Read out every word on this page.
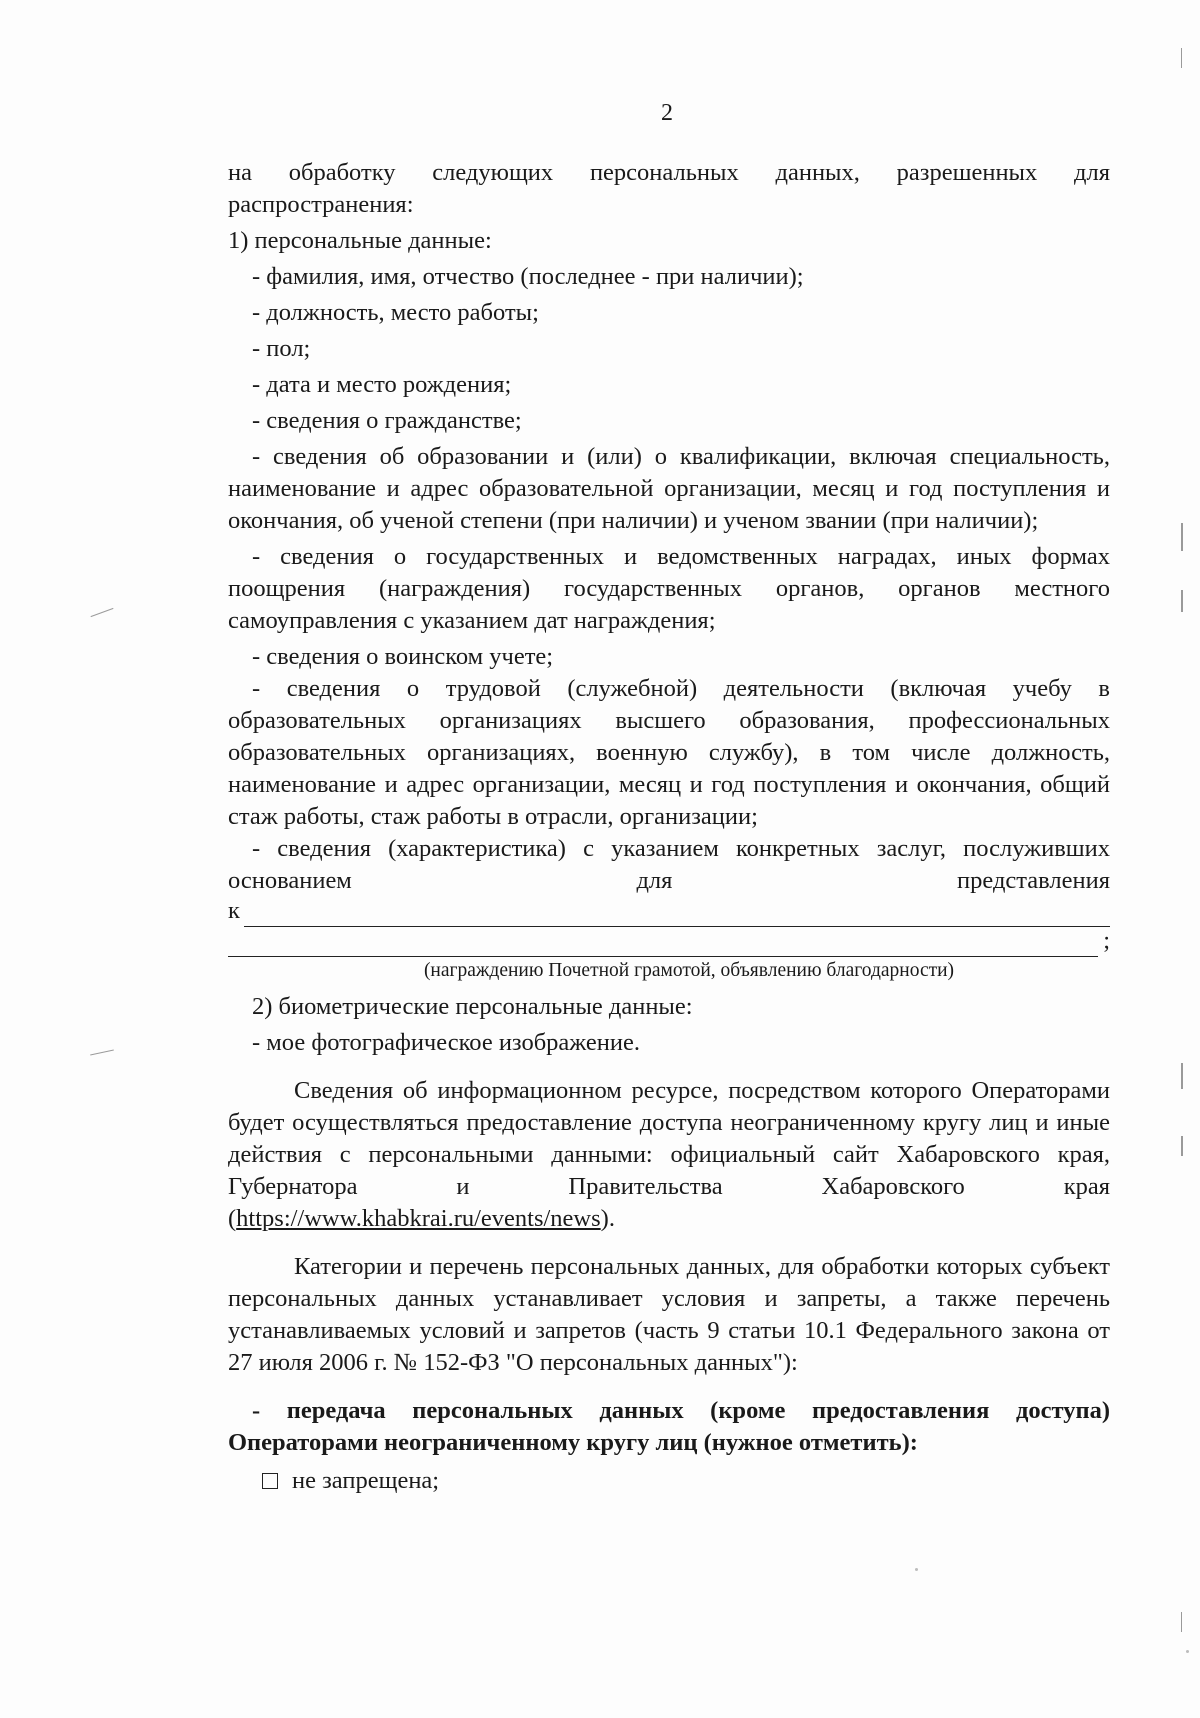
2

на обработку следующих персональных данных, разрешенных для распространения:

1) персональные данные:

- фамилия, имя, отчество (последнее - при наличии);

- должность, место работы;

- пол;

- дата и место рождения;

- сведения о гражданстве;

- сведения об образовании и (или) о квалификации, включая специальность, наименование и адрес образовательной организации, месяц и год поступления и окончания, об ученой степени (при наличии) и ученом звании (при наличии);

- сведения о государственных и ведомственных наградах, иных формах поощрения (награждения) государственных органов, органов местного самоуправления с указанием дат награждения;

- сведения о воинском учете;

- сведения о трудовой (служебной) деятельности (включая учебу в образовательных организациях высшего образования, профессиональных образовательных организациях, военную службу), в том числе должность, наименование и адрес организации, месяц и год поступления и окончания, общий стаж работы, стаж работы в отрасли, организации;

- сведения (характеристика) с указанием конкретных заслуг, послуживших основанием для представления

к
;

(награждению Почетной грамотой, объявлению благодарности)

2) биометрические персональные данные:

- мое фотографическое изображение.

Сведения об информационном ресурсе, посредством которого Операторами будет осуществляться предоставление доступа неограниченному кругу лиц и иные действия с персональными данными: официальный сайт Хабаровского края, Губернатора и Правительства Хабаровского края (https://www.khabkrai.ru/events/news).

Категории и перечень персональных данных, для обработки которых субъект персональных данных устанавливает условия и запреты, а также перечень устанавливаемых условий и запретов (часть 9 статьи 10.1 Федерального закона от 27 июля 2006 г. № 152-ФЗ "О персональных данных"):

- передача персональных данных (кроме предоставления доступа) Операторами неограниченному кругу лиц (нужное отметить):

не запрещена;
